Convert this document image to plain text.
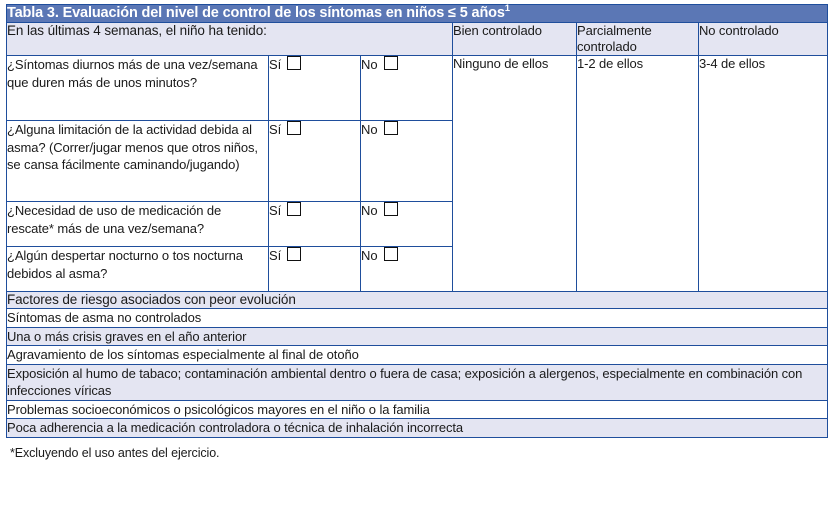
Tabla 3. Evaluación del nivel de control de los síntomas en niños ≤ 5 años$^1$

En las últimas 4 semanas, el niño ha tenido:			Bien controlado	Parcialmente controlado	No controlado
¿Síntomas diurnos más de una vez/semana que duren más de unos minutos?	Sí	No	Ninguno de ellos	1-2 de ellos	3-4 de ellos
¿Alguna limitación de la actividad debida al asma? (Correr/jugar menos que otros niños, se cansa fácilmente caminando/jugando)	Sí	No			
¿Necesidad de uso de medicación de rescate* más de una vez/semana?	Sí	No			
¿Algún despertar nocturno o tos nocturna debidos al asma?	Sí	No			
Factores de riesgo asociados con peor evolución					
Síntomas de asma no controlados					
Una o más crisis graves en el año anterior					
Agravamiento de los síntomas especialmente al final de otoño					
Exposición al humo de tabaco; contaminación ambiental dentro o fuera de casa; exposición a alergenos, especialmente en combinación con infecciones víricas					
Problemas socioeconómicos o psicológicos mayores en el niño o la familia					
Poca adherencia a la medicación controladora o técnica de inhalación incorrecta					
*Excluyendo el uso antes del ejercicio.
